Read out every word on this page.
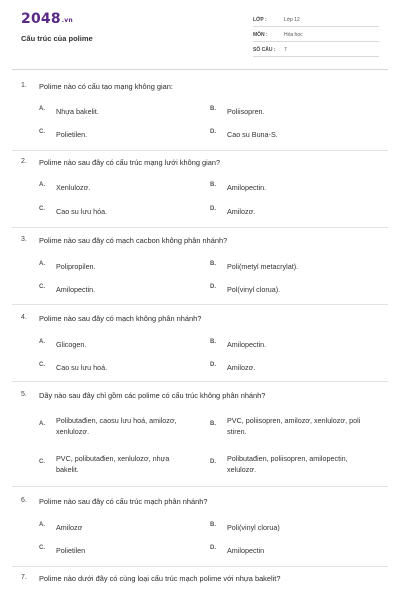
2048.vn
Cấu trúc của polime
LỚP :	Lớp 12
MÔN :	Hóa học
SỐ CÂU : 7
1. Polime nào có cấu tạo mạng không gian:
A. Nhựa bakelit.	B. Poliisopren.
C. Polietilen.	D. Cao su Buna-S.
2. Polime nào sau đây có cấu trúc mạng lưới không gian?
A. Xenlulozơ.	B. Amilopectin.
C. Cao su lưu hóa.	D. Amilozơ.
3. Polime nào sau đây có mạch cacbon không phân nhánh?
A. Polipropilen.	B. Poli(metyl metacrylat).
C. Amilopectin.	D. Pol(vinyl clorua).
4. Polime nào sau đây có mạch không phân nhánh?
A. Glicogen.	B. Amilopectin.
C. Cao su lưu hoá.	D. Amilozơ.
5. Dãy nào sau đây chỉ gồm các polime có cấu trúc không phân nhánh?
A. Polibutađien, caosu lưu hoá, amilozơ, xenlulozơ.
B. PVC, poliisopren, amilozơ, xenlulozơ, poli stiren.
C. PVC, polibutađien, xenlulozơ, nhựa bakelit.
D. Polibutađien, poliisopren, amilopectin, xelulozơ.
6. Polime nào sau đây có cấu trúc mạch phân nhánh?
A. Amilozơ	B. Poli(vinyl clorua)
C. Polietilen	D. Amilopectin
7. Polime nào dưới đây có cùng loại cấu trúc mạch polime với nhựa bakelit?
